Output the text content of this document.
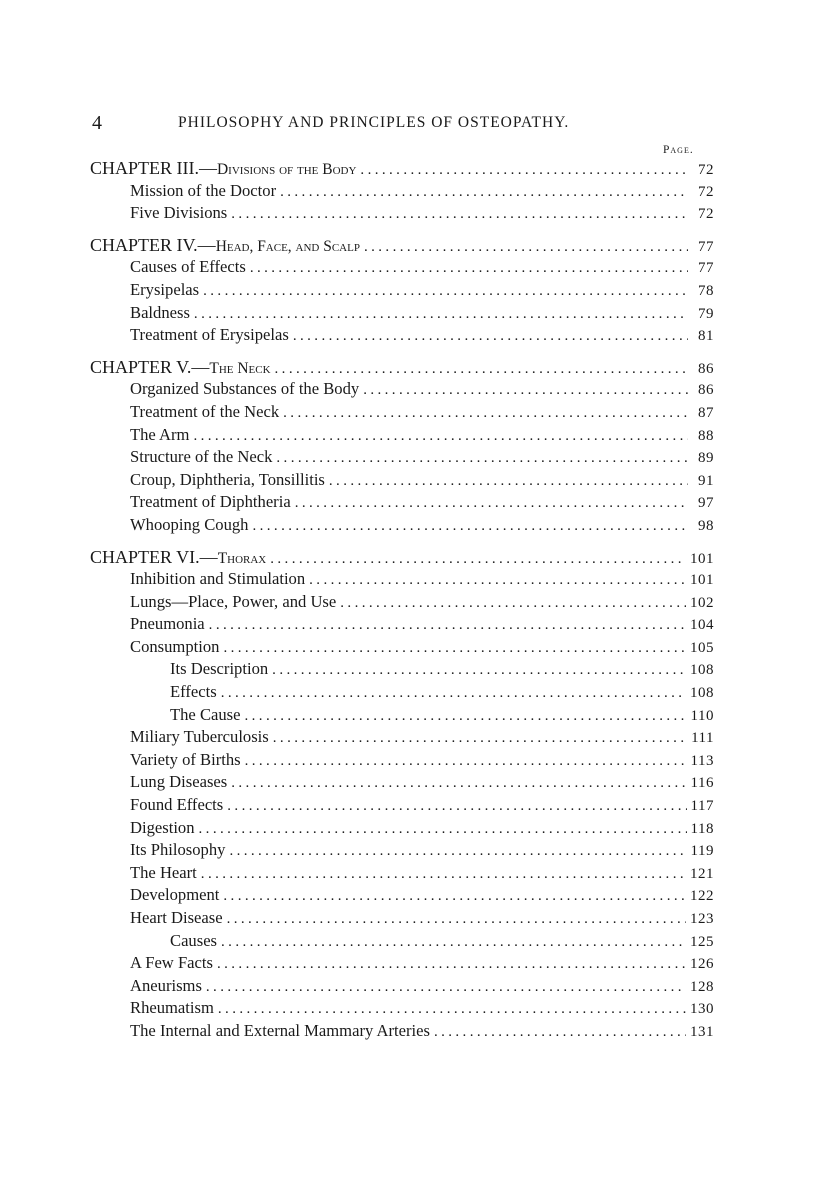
4	PHILOSOPHY AND PRINCIPLES OF OSTEOPATHY.
Page.
CHAPTER III.— Divisions of the Body .....	72
Mission of the Doctor .....	72
Five Divisions .....	72
CHAPTER IV.— Head, Face, and Scalp .....	77
Causes of Effects .....	77
Erysipelas .....	78
Baldness .....	79
Treatment of Erysipelas .....	81
CHAPTER V.— The Neck .....	86
Organized Substances of the Body .....	86
Treatment of the Neck .....	87
The Arm .....	88
Structure of the Neck .....	89
Croup, Diphtheria, Tonsillitis .....	91
Treatment of Diphtheria .....	97
Whooping Cough .....	98
CHAPTER VI.— Thorax .....	101
Inhibition and Stimulation .....	101
Lungs—Place, Power, and Use .....	102
Pneumonia .....	104
Consumption .....	105
Its Description .....	108
Effects .....	108
The Cause .....	110
Miliary Tuberculosis .....	111
Variety of Births .....	113
Lung Diseases .....	116
Found Effects .....	117
Digestion .....	118
Its Philosophy .....	119
The Heart .....	121
Development .....	122
Heart Disease .....	123
Causes .....	125
A Few Facts .....	126
Aneurisms .....	128
Rheumatism .....	130
The Internal and External Mammary Arteries .....	131
